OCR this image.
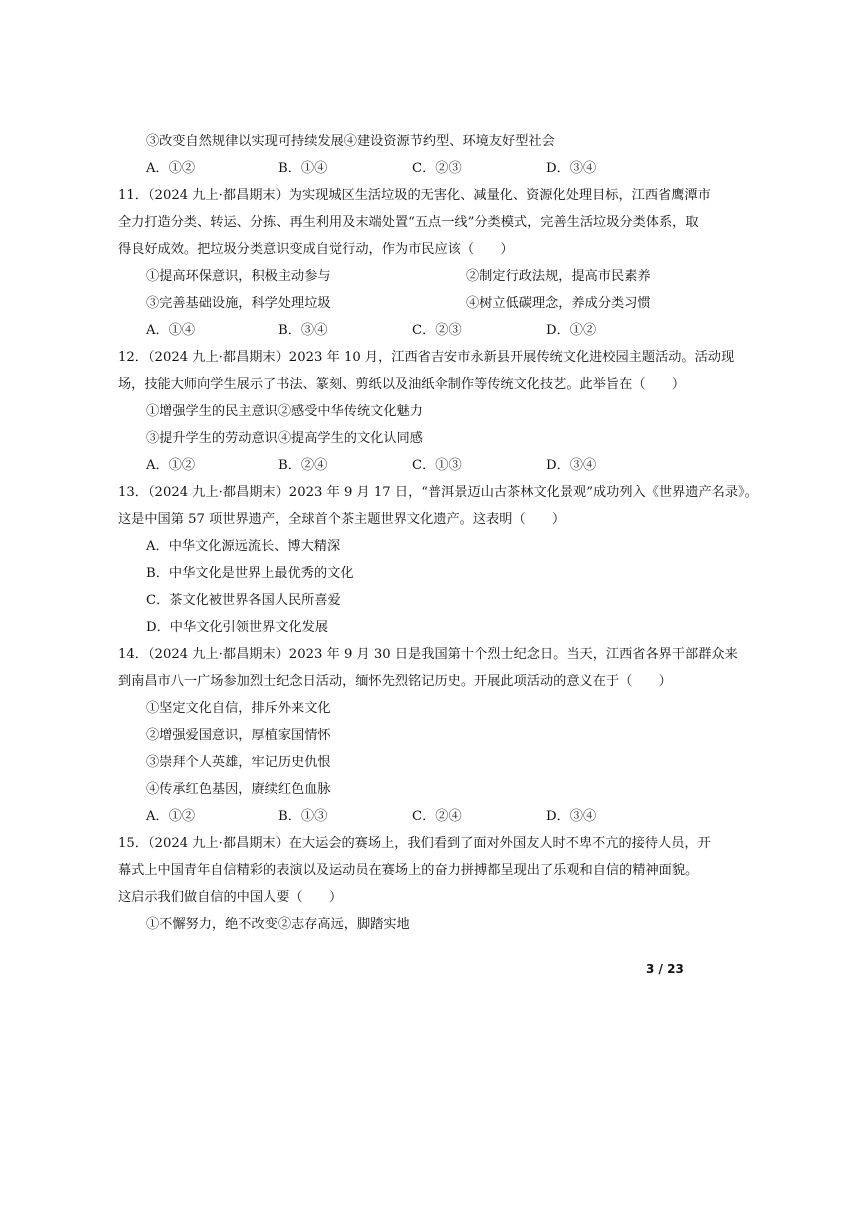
③改变自然规律以实现可持续发展④建设资源节约型、环境友好型社会
A．①②	B．①④	C．②③	D．③④
11．（2024 九上·都昌期末）为实现城区生活垃圾的无害化、减量化、资源化处理目标，江西省鹰潭市
全力打造分类、转运、分拣、再生利用及末端处置“五点一线”分类模式，完善生活垃圾分类体系，取
得良好成效。把垃圾分类意识变成自觉行动，作为市民应该（　　）
①提高环保意识，积极主动参与	②制定行政法规，提高市民素养
③完善基础设施，科学处理垃圾	④树立低碳理念，养成分类习惯
A．①④	B．③④	C．②③	D．①②
12．（2024 九上·都昌期末）2023 年 10 月，江西省吉安市永新县开展传统文化进校园主题活动。活动现
场，技能大师向学生展示了书法、篆刻、剪纸以及油纸伞制作等传统文化技艺。此举旨在（　　）
①增强学生的民主意识②感受中华传统文化魅力
③提升学生的劳动意识④提高学生的文化认同感
A．①②	B．②④	C．①③	D．③④
13．（2024 九上·都昌期末）2023 年 9 月 17 日，“普洱景迈山古茶林文化景观”成功列入《世界遗产名录》。
这是中国第 57 项世界遗产，全球首个茶主题世界文化遗产。这表明（　　）
A．中华文化源远流长、博大精深
B．中华文化是世界上最优秀的文化
C．茶文化被世界各国人民所喜爱
D．中华文化引领世界文化发展
14．（2024 九上·都昌期末）2023 年 9 月 30 日是我国第十个烈士纪念日。当天，江西省各界干部群众来
到南昌市八一广场参加烈士纪念日活动，缅怀先烈铭记历史。开展此项活动的意义在于（　　）
①坚定文化自信，排斥外来文化
②增强爱国意识，厚植家国情怀
③崇拜个人英雄，牢记历史仇恨
④传承红色基因，赓续红色血脉
A．①②	B．①③	C．②④	D．③④
15．（2024 九上·都昌期末）在大运会的赛场上，我们看到了面对外国友人时不卑不亢的接待人员，开
幕式上中国青年自信精彩的表演以及运动员在赛场上的奋力拼搏都呈现出了乐观和自信的精神面貌。
这启示我们做自信的中国人要（　　）
①不懈努力，绝不改变②志存高远，脚踏实地
3 / 23
